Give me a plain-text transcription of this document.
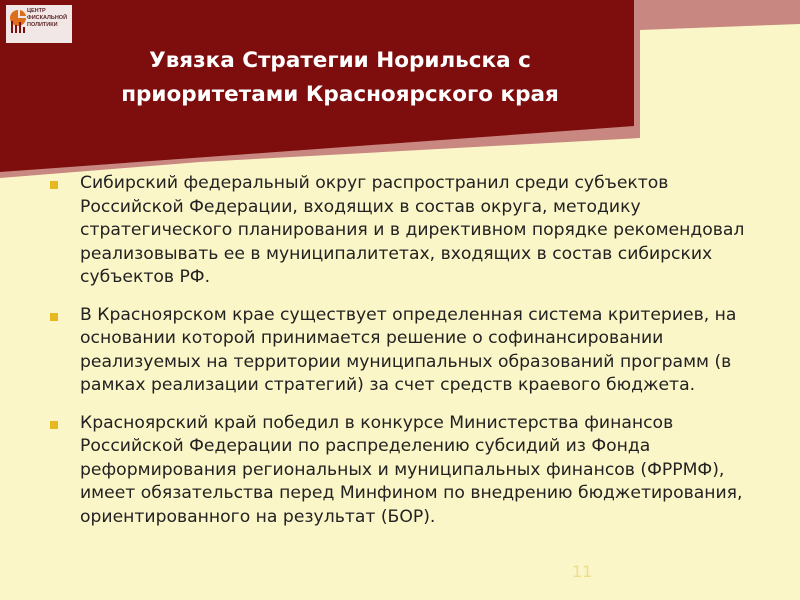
ЦЕНТР
ФИСКАЛЬНОЙ
ПОЛИТИКИ
Увязка Стратегии Норильска с
приоритетами Красноярского края
Сибирский федеральный округ распространил среди субъектов Российской Федерации, входящих в состав округа, методику стратегического планирования и в директивном порядке рекомендовал реализовывать ее в муниципалитетах, входящих в состав сибирских субъектов РФ.
В Красноярском крае существует определенная система критериев, на основании которой принимается решение о софинансировании реализуемых на территории муниципальных образований программ (в рамках реализации стратегий) за счет средств краевого бюджета.
Красноярский край победил в конкурсе Министерства финансов Российской Федерации по распределению субсидий из Фонда реформирования региональных и муниципальных финансов (ФРРМФ), имеет обязательства перед Минфином по внедрению бюджетирования, ориентированного на результат (БОР).
11
